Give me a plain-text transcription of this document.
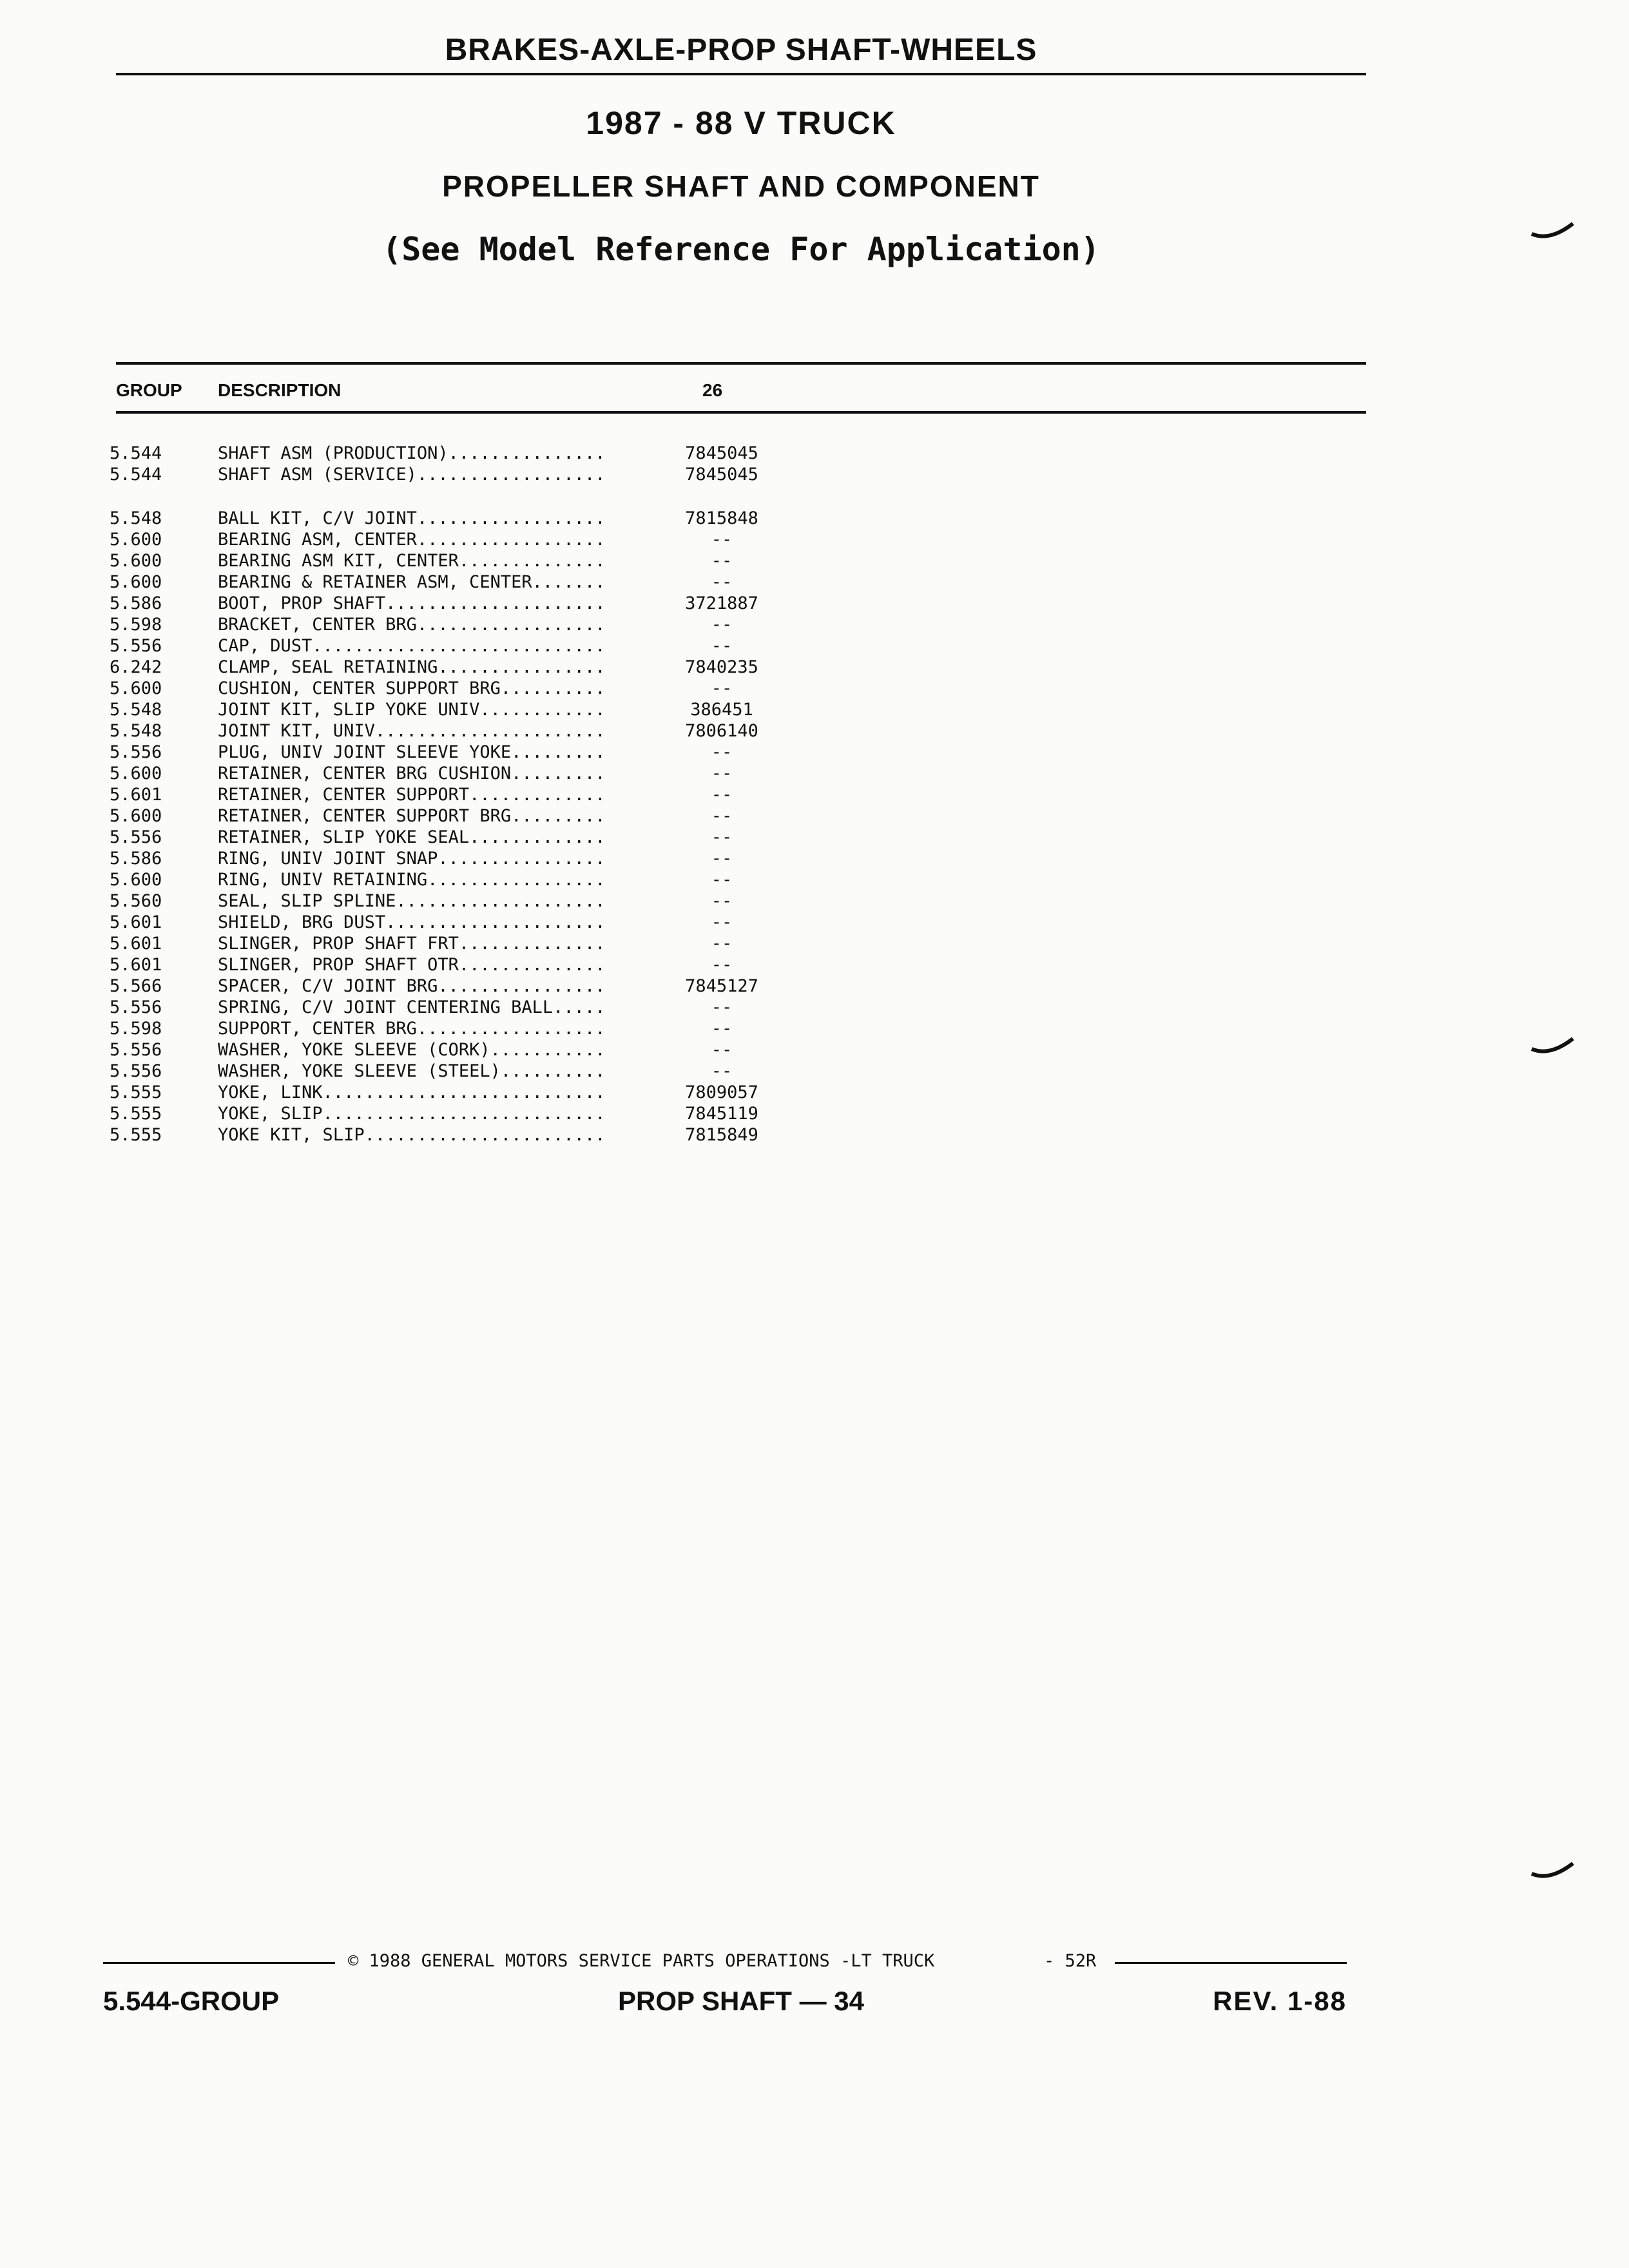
BRAKES-AXLE-PROP SHAFT-WHEELS
1987 - 88 V TRUCK
PROPELLER SHAFT AND COMPONENT
(See Model Reference For Application)
GROUP DESCRIPTION	26
5.544	SHAFT ASM (PRODUCTION)...............	7845045
5.544	SHAFT ASM (SERVICE)..................	7845045
5.548	BALL KIT, C/V JOINT..................	7815848
5.600	BEARING ASM, CENTER..................	--
5.600	BEARING ASM KIT, CENTER..............	--
5.600	BEARING & RETAINER ASM, CENTER.......	--
5.586	BOOT, PROP SHAFT.....................	3721887
5.598	BRACKET, CENTER BRG..................	--
5.556	CAP, DUST............................	--
6.242	CLAMP, SEAL RETAINING................	7840235
5.600	CUSHION, CENTER SUPPORT BRG..........	--
5.548	JOINT KIT, SLIP YOKE UNIV............	386451
5.548	JOINT KIT, UNIV......................	7806140
5.556	PLUG, UNIV JOINT SLEEVE YOKE.........	--
5.600	RETAINER, CENTER BRG CUSHION.........	--
5.601	RETAINER, CENTER SUPPORT.............	--
5.600	RETAINER, CENTER SUPPORT BRG.........	--
5.556	RETAINER, SLIP YOKE SEAL.............	--
5.586	RING, UNIV JOINT SNAP................	--
5.600	RING, UNIV RETAINING.................	--
5.560	SEAL, SLIP SPLINE....................	--
5.601	SHIELD, BRG DUST.....................	--
5.601	SLINGER, PROP SHAFT FRT..............	--
5.601	SLINGER, PROP SHAFT OTR..............	--
5.566	SPACER, C/V JOINT BRG................	7845127
5.556	SPRING, C/V JOINT CENTERING BALL.....	--
5.598	SUPPORT, CENTER BRG..................	--
5.556	WASHER, YOKE SLEEVE (CORK)...........	--
5.556	WASHER, YOKE SLEEVE (STEEL)..........	--
5.555	YOKE, LINK...........................	7809057
5.555	YOKE, SLIP...........................	7845119
5.555	YOKE KIT, SLIP.......................	7815849
© 1988 GENERAL MOTORS SERVICE PARTS OPERATIONS -LT TRUCK	- 52R
5.544-GROUP	PROP SHAFT — 34	REV. 1-88
